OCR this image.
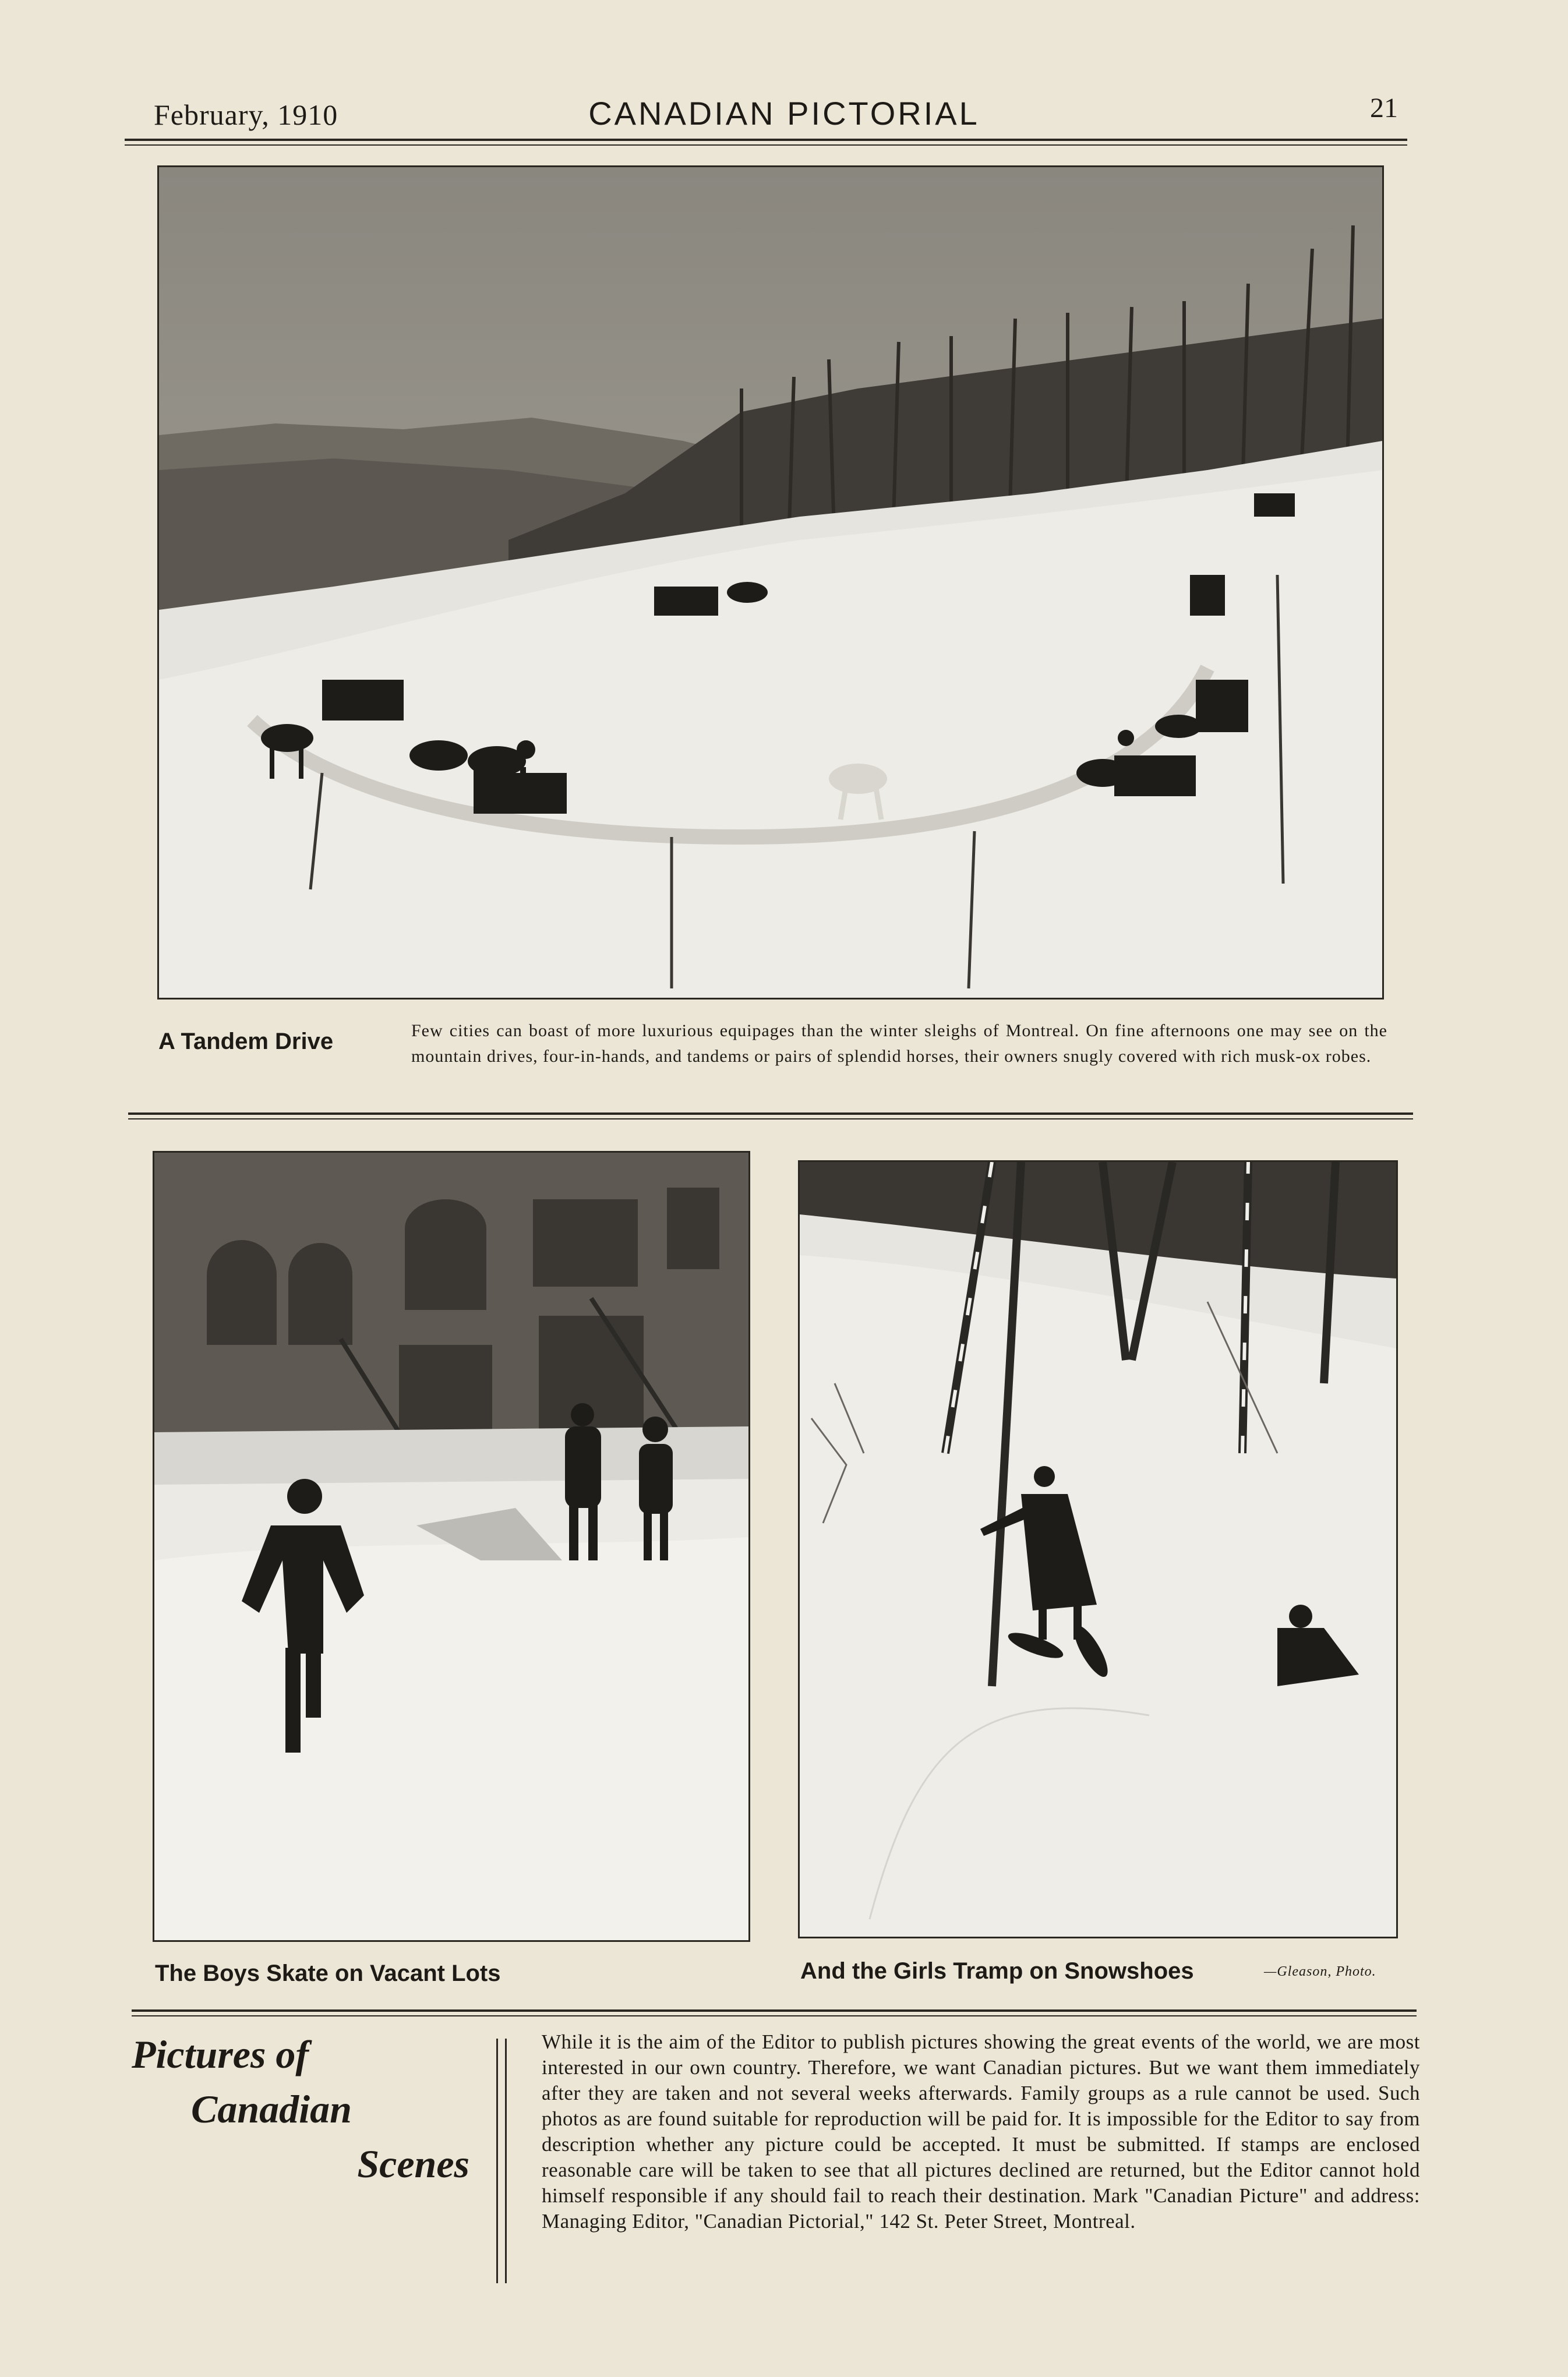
February, 1910	CANADIAN PICTORIAL	21
A Tandem Drive	Few cities can boast of more luxurious equipages than the winter sleighs of Montreal. On fine afternoons one may see on the mountain drives, four-in-hands, and tandems or pairs of splendid horses, their owners snugly covered with rich musk-ox robes.
The Boys Skate on Vacant Lots	And the Girls Tramp on Snowshoes	—Gleason, Photo.
Pictures of
Canadian
Scenes
While it is the aim of the Editor to publish pictures showing the great events of the world, we are most interested in our own country. Therefore, we want Canadian pictures. But we want them immediately after they are taken and not several weeks afterwards. Family groups as a rule cannot be used. Such photos as are found suitable for reproduction will be paid for. It is impossible for the Editor to say from description whether any picture could be accepted. It must be submitted. If stamps are enclosed reasonable care will be taken to see that all pictures declined are returned, but the Editor cannot hold himself responsible if any should fail to reach their destination. Mark "Canadian Picture" and address: Managing Editor, "Canadian Pictorial," 142 St. Peter Street, Montreal.
